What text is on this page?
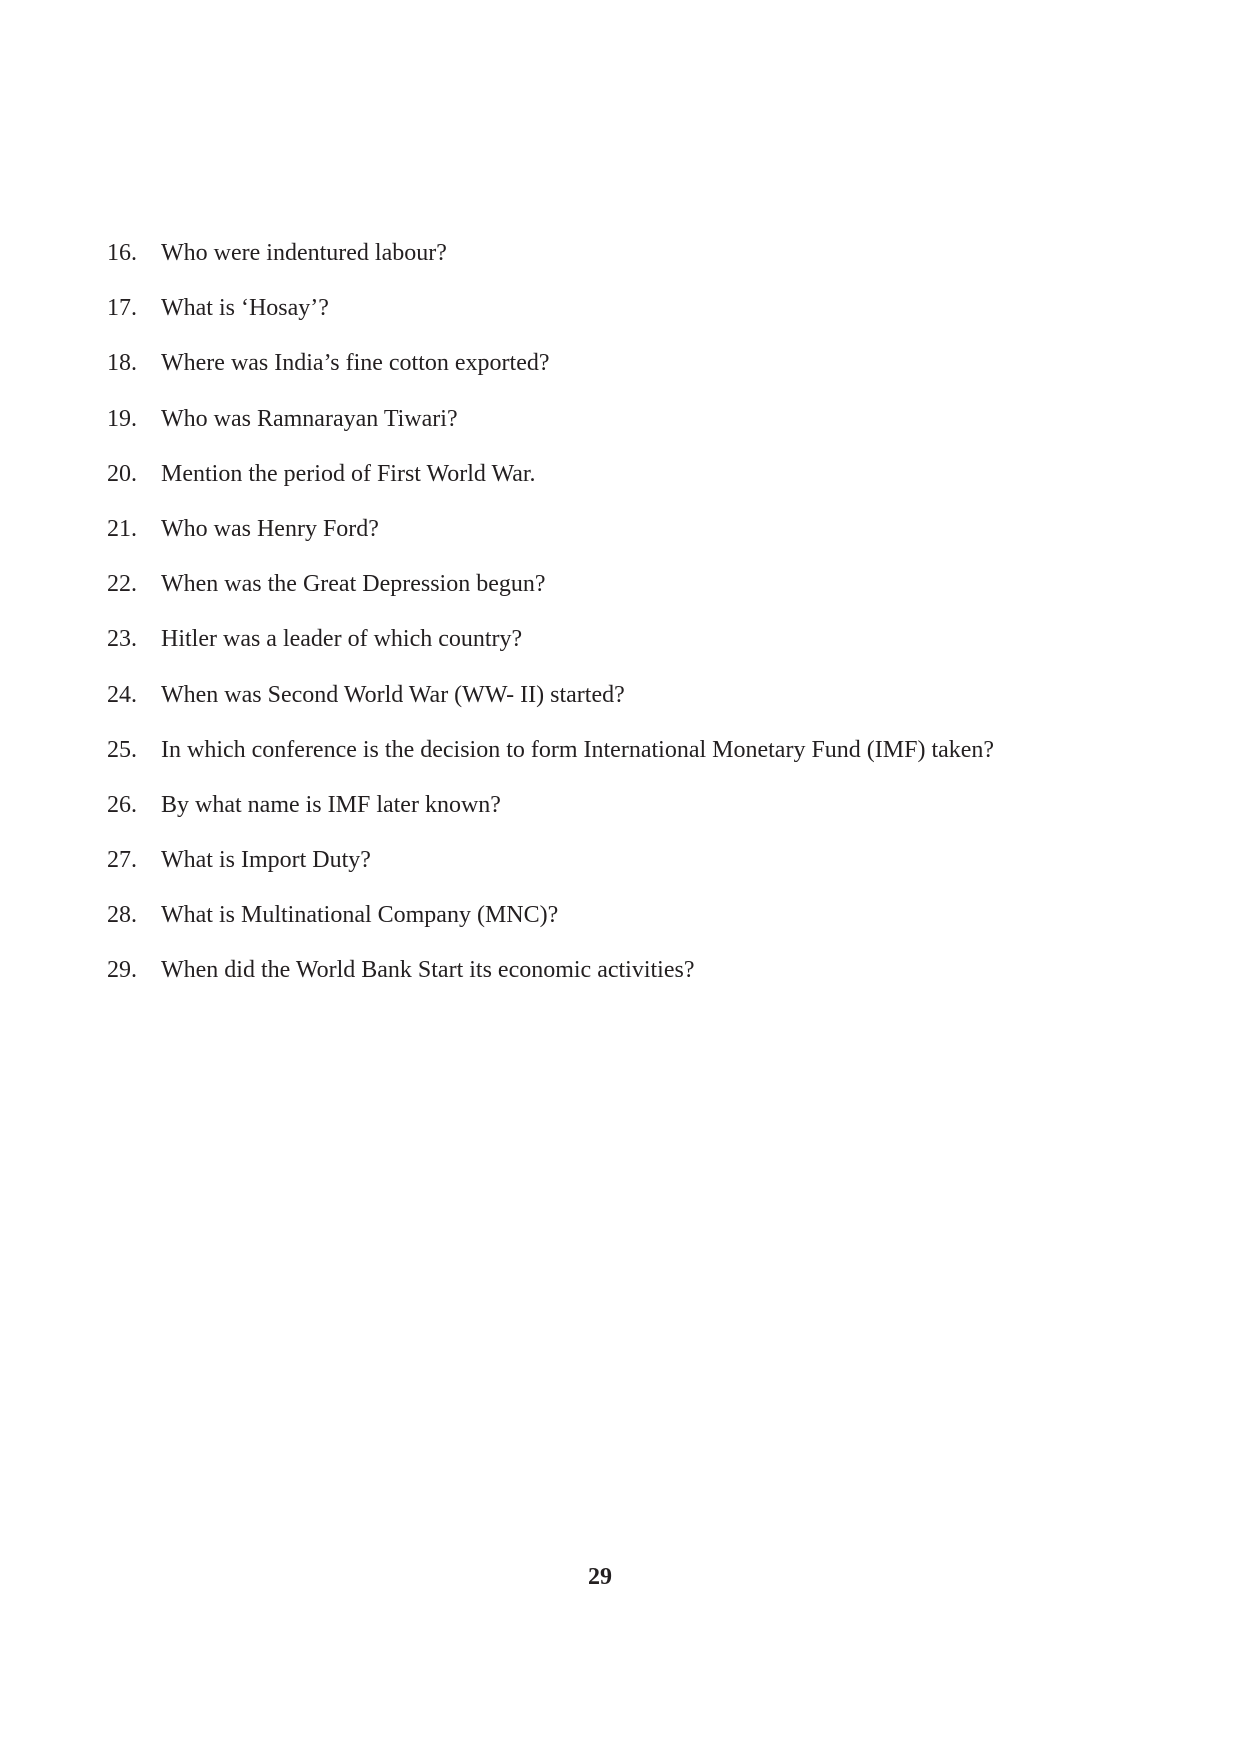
16.	Who were indentured labour?
17.	What is ‘Hosay’?
18.	Where was India’s fine cotton exported?
19.	Who was Ramnarayan Tiwari?
20.	Mention the period of First World War.
21.	Who was Henry Ford?
22.	When was the Great Depression begun?
23.	Hitler was a leader of which country?
24.	When was Second World War (WW- II) started?
25.	In which conference is the decision to form International Monetary Fund (IMF) taken?
26.	By what name is IMF later known?
27.	What is Import Duty?
28.	What is Multinational Company (MNC)?
29.	When did the World Bank Start its economic activities?
29
